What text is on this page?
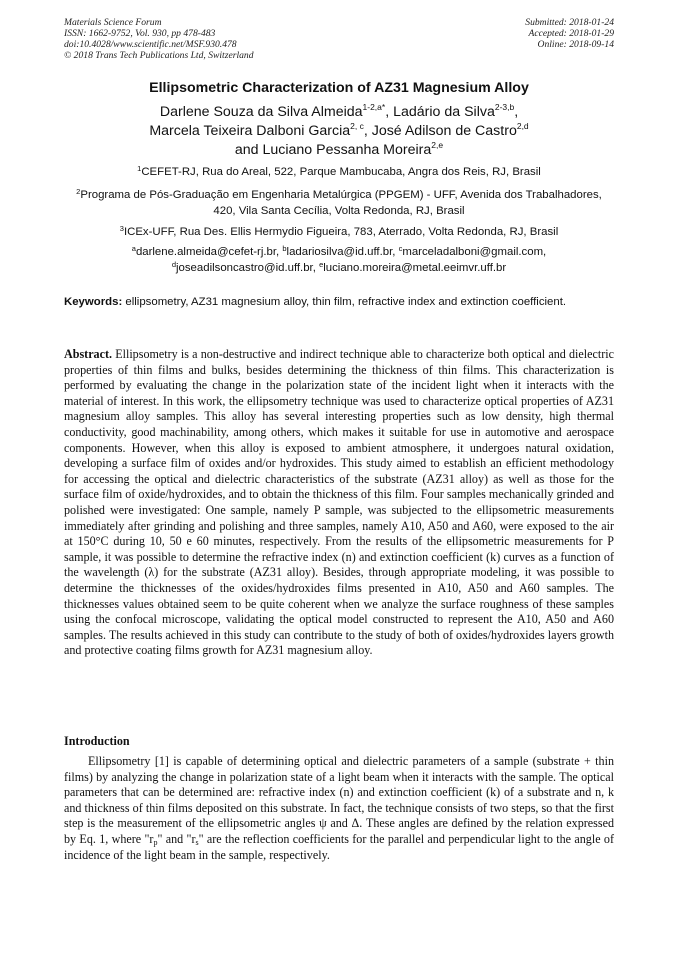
Materials Science Forum
ISSN: 1662-9752, Vol. 930, pp 478-483
doi:10.4028/www.scientific.net/MSF.930.478
© 2018 Trans Tech Publications Ltd, Switzerland
Submitted: 2018-01-24
Accepted: 2018-01-29
Online: 2018-09-14
Ellipsometric Characterization of AZ31 Magnesium Alloy
Darlene Souza da Silva Almeida$^{1-2,a*}$, Ladário da Silva$^{2-3,b}$,
Marcela Teixeira Dalboni Garcia$^{2, c}$, José Adilson de Castro$^{2,d}$
and Luciano Pessanha Moreira$^{2,e}$
$^1$CEFET-RJ, Rua do Areal, 522, Parque Mambucaba, Angra dos Reis, RJ, Brasil
$^2$Programa de Pós-Graduação em Engenharia Metalúrgica (PPGEM) - UFF, Avenida dos Trabalhadores, 420, Vila Santa Cecília, Volta Redonda, RJ, Brasil
$^3$ICEx-UFF, Rua Des. Ellis Hermydio Figueira, 783, Aterrado, Volta Redonda, RJ, Brasil
$^a$darlene.almeida@cefet-rj.br, $^b$ladariosilva@id.uff.br, $^c$marceladalboni@gmail.com,
$^d$joseadilsoncastro@id.uff.br, $^e$luciano.moreira@metal.eeimvr.uff.br
Keywords: ellipsometry, AZ31 magnesium alloy, thin film, refractive index and extinction coefficient.
Abstract. Ellipsometry is a non-destructive and indirect technique able to characterize both optical and dielectric properties of thin films and bulks, besides determining the thickness of thin films. This characterization is performed by evaluating the change in the polarization state of the incident light when it interacts with the material of interest. In this work, the ellipsometry technique was used to characterize optical properties of AZ31 magnesium alloy samples. This alloy has several interesting properties such as low density, high thermal conductivity, good machinability, among others, which makes it suitable for use in automotive and aerospace components. However, when this alloy is exposed to ambient atmosphere, it undergoes natural oxidation, developing a surface film of oxides and/or hydroxides. This study aimed to establish an efficient methodology for accessing the optical and dielectric characteristics of the substrate (AZ31 alloy) as well as those for the surface film of oxide/hydroxides, and to obtain the thickness of this film. Four samples mechanically grinded and polished were investigated: One sample, namely P sample, was subjected to the ellipsometric measurements immediately after grinding and polishing and three samples, namely A10, A50 and A60, were exposed to the air at 150°C during 10, 50 e 60 minutes, respectively. From the results of the ellipsometric measurements for P sample, it was possible to determine the refractive index (n) and extinction coefficient (k) curves as a function of the wavelength (λ) for the substrate (AZ31 alloy). Besides, through appropriate modeling, it was possible to determine the thicknesses of the oxides/hydroxides films presented in A10, A50 and A60 samples. The thicknesses values obtained seem to be quite coherent when we analyze the surface roughness of these samples using the confocal microscope, validating the optical model constructed to represent the A10, A50 and A60 samples. The results achieved in this study can contribute to the study of both of oxides/hydroxides layers growth and protective coating films growth for AZ31 magnesium alloy.
Introduction
Ellipsometry [1] is capable of determining optical and dielectric parameters of a sample (substrate + thin films) by analyzing the change in polarization state of a light beam when it interacts with the sample. The optical parameters that can be determined are: refractive index (n) and extinction coefficient (k) of a substrate and n, k and thickness of thin films deposited on this substrate. In fact, the technique consists of two steps, so that the first step is the measurement of the ellipsometric angles ψ and Δ. These angles are defined by the relation expressed by Eq. 1, where "$r_p$" and "$r_s$" are the reflection coefficients for the parallel and perpendicular light to the angle of incidence of the light beam in the sample, respectively.
